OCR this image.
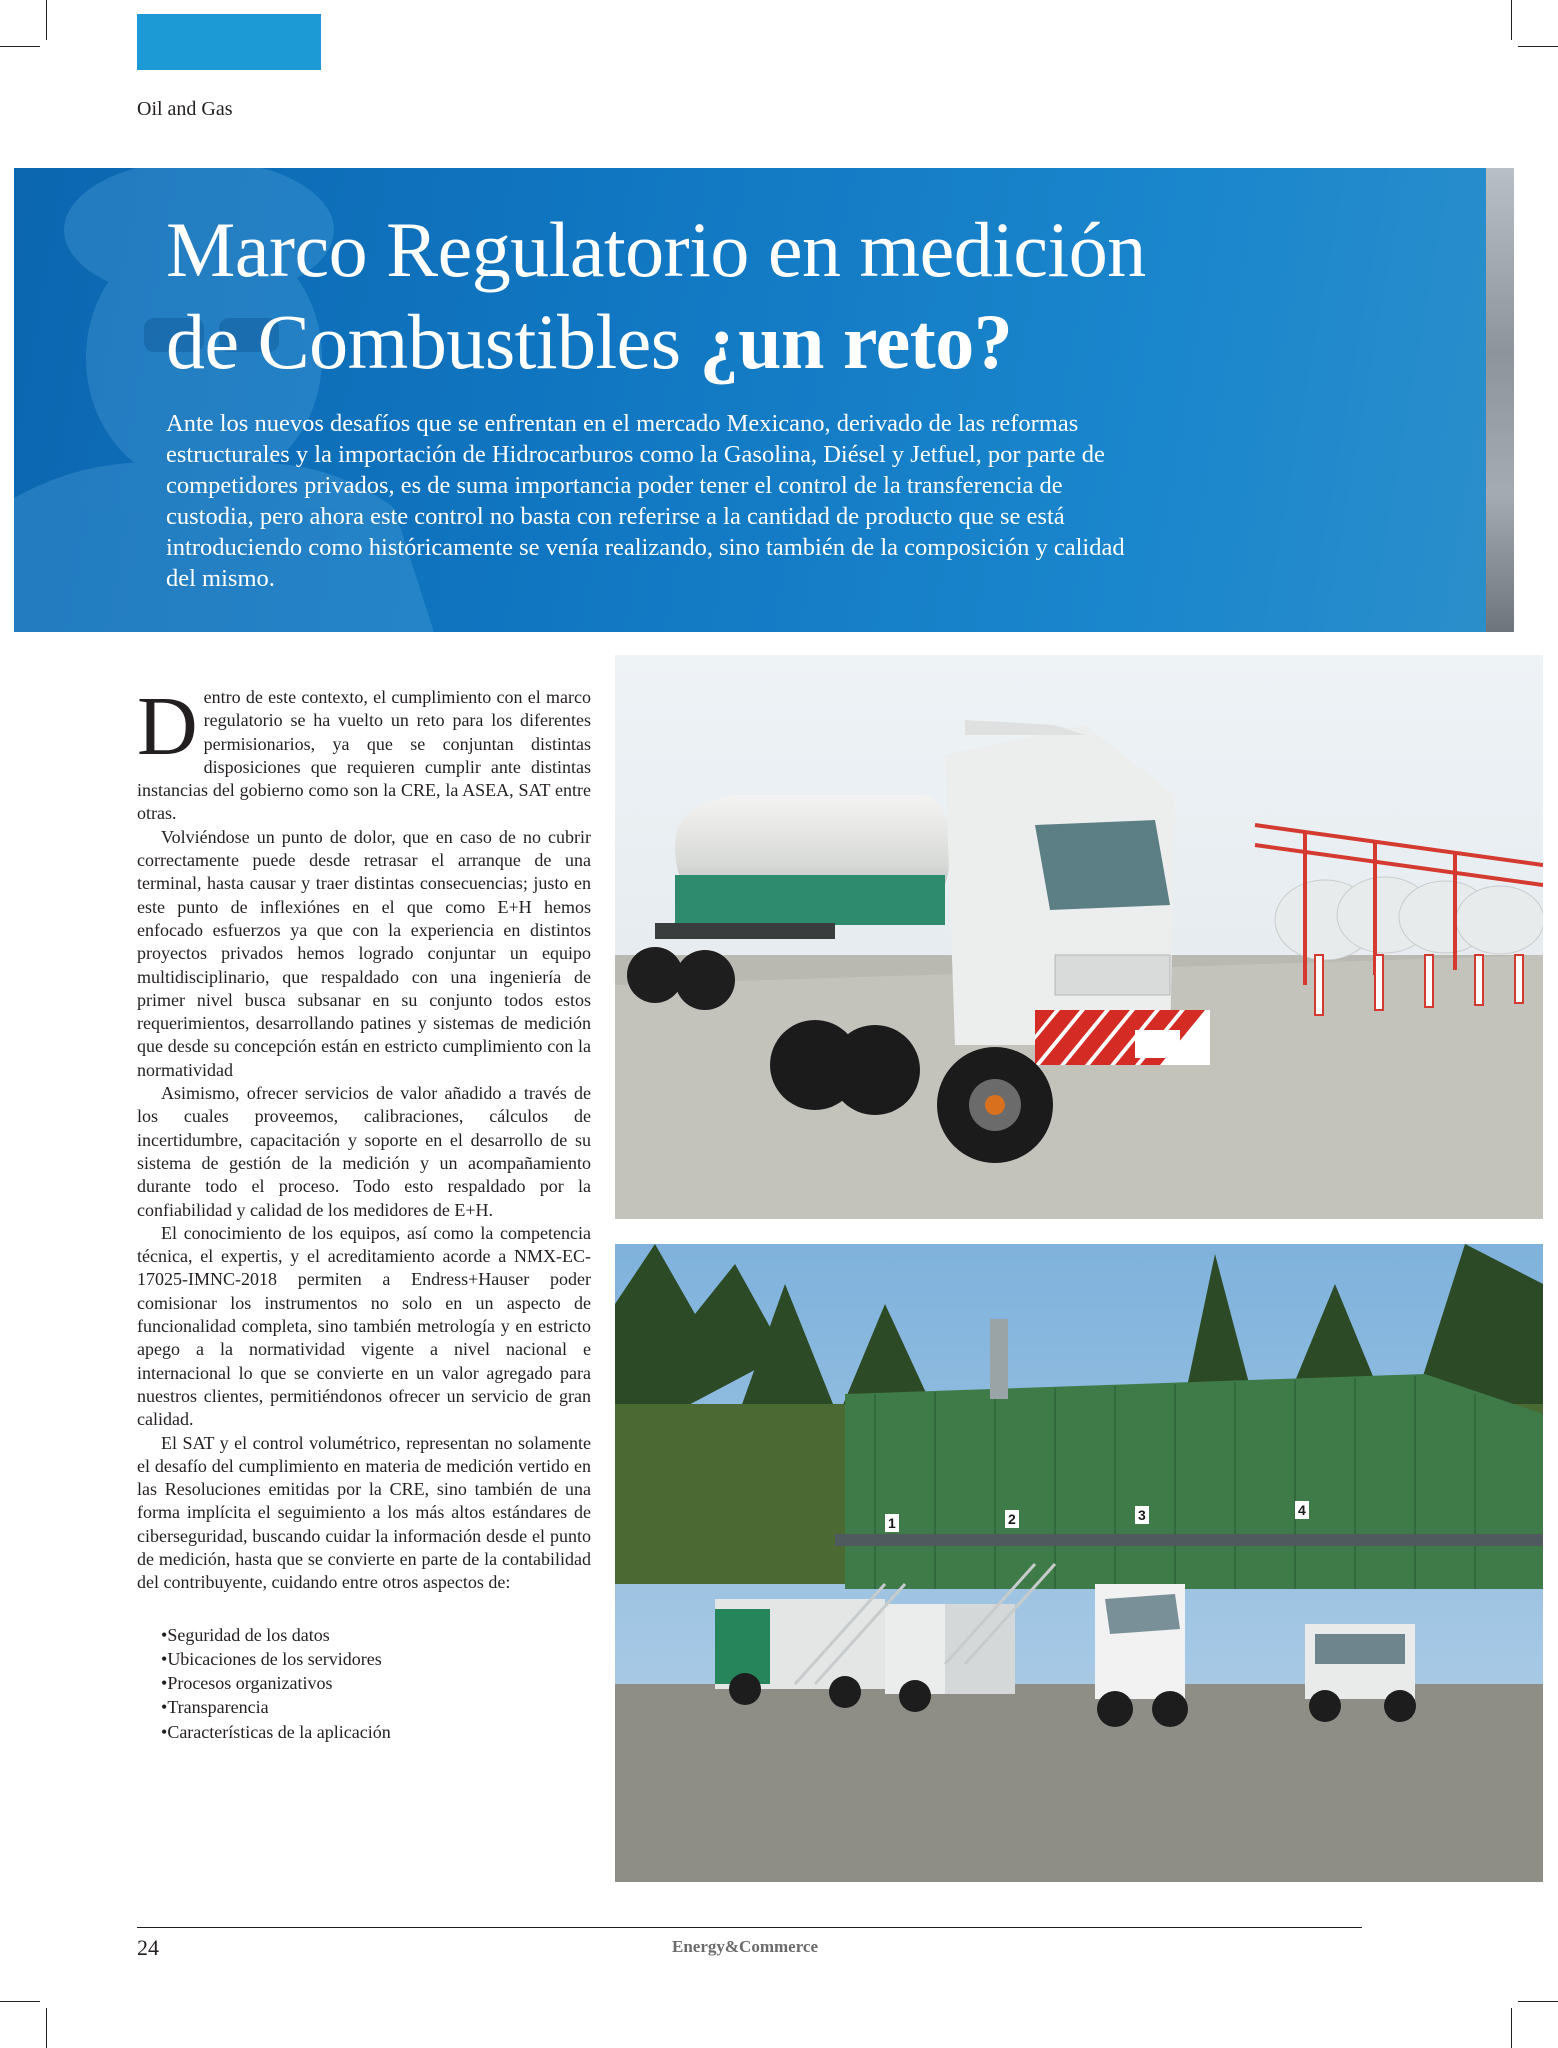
Oil and Gas
Marco Regulatorio en medición
de Combustibles ¿un reto?
Ante los nuevos desafíos que se enfrentan en el mercado Mexicano, derivado de las reformas estructurales y la importación de Hidrocarburos como la Gasolina, Diésel y Jetfuel, por parte de competidores privados, es de suma importancia poder tener el control de la transferencia de custodia, pero ahora este control no basta con referirse a la cantidad de producto que se está introduciendo como históricamente se venía realizando, sino también de la composición y calidad del mismo.

Dentro de este contexto, el cumplimiento con el marco regulatorio se ha vuelto un reto para los diferentes permisionarios, ya que se conjuntan distintas disposiciones que requieren cumplir ante distintas instancias del gobierno como son la CRE, la ASEA, SAT entre otras.

Volviéndose un punto de dolor, que en caso de no cubrir correctamente puede desde retrasar el arranque de una terminal, hasta causar y traer distintas consecuencias; justo en este punto de inflexiónes en el que como E+H hemos enfocado esfuerzos ya que con la experiencia en distintos proyectos privados hemos logrado conjuntar un equipo multidisciplinario, que respaldado con una ingeniería de primer nivel busca subsanar en su conjunto todos estos requerimientos, desarrollando patines y sistemas de medición que desde su concepción están en estricto cumplimiento con la normatividad

Asimismo, ofrecer servicios de valor añadido a través de los cuales proveemos, calibraciones, cálculos de incertidumbre, capacitación y soporte en el desarrollo de su sistema de gestión de la medición y un acompañamiento durante todo el proceso. Todo esto respaldado por la confiabilidad y calidad de los medidores de E+H.

El conocimiento de los equipos, así como la competencia técnica, el expertis, y el acreditamiento acorde a NMX-EC-17025-IMNC-2018 permiten a Endress+Hauser poder comisionar los instrumentos no solo en un aspecto de funcionalidad completa, sino también metrología y en estricto apego a la normatividad vigente a nivel nacional e internacional lo que se convierte en un valor agregado para nuestros clientes, permitiéndonos ofrecer un servicio de gran calidad.

El SAT y el control volumétrico, representan no solamente el desafío del cumplimiento en materia de medición vertido en las Resoluciones emitidas por la CRE, sino también de una forma implícita el seguimiento a los más altos estándares de ciberseguridad, buscando cuidar la información desde el punto de medición, hasta que se convierte en parte de la contabilidad del contribuyente, cuidando entre otros aspectos de:

• Seguridad de los datos
• Ubicaciones de los servidores
• Procesos organizativos
• Transparencia
• Características de la aplicación
1	2	3	4
24	Energy&Commerce
